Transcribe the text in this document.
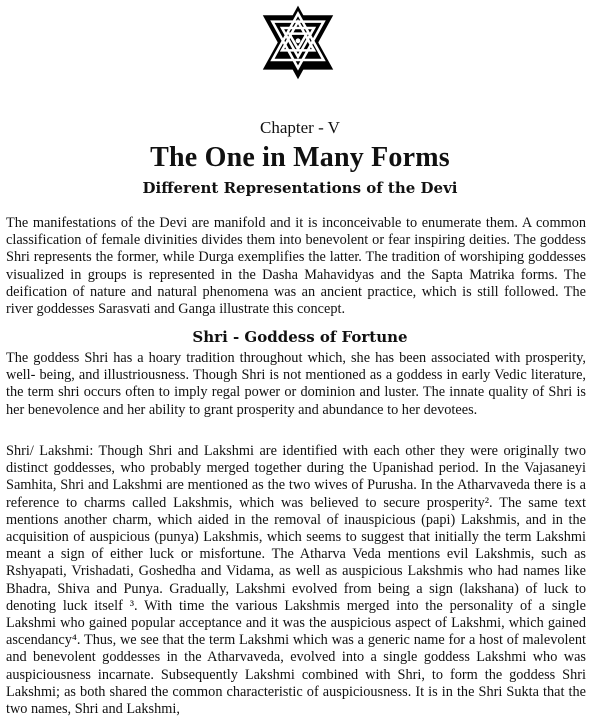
Chapter - V
The One in Many Forms
Different Representations of the Devi

The manifestations of the Devi are manifold and it is inconceivable to enumerate them. A common classification of female divinities divides them into benevolent or fear inspiring deities. The goddess Shri represents the former, while Durga exemplifies the latter. The tradition of worshiping goddesses visualized in groups is represented in the Dasha Mahavidyas and the Sapta Matrika forms. The deification of nature and natural phenomena was an ancient practice, which is still followed. The river goddesses Sarasvati and Ganga illustrate this concept.

Shri - Goddess of Fortune

The goddess Shri has a hoary tradition throughout which, she has been associated with prosperity, well- being, and illustriousness. Though Shri is not mentioned as a goddess in early Vedic literature, the term shri occurs often to imply regal power or dominion and luster. The innate quality of Shri is her benevolence and her ability to grant prosperity and abundance to her devotees.

Shri/ Lakshmi: Though Shri and Lakshmi are identified with each other they were originally two distinct goddesses, who probably merged together during the Upanishad period. In the Vajasaneyi Samhita, Shri and Lakshmi are mentioned as the two wives of Purusha. In the Atharvaveda there is a reference to charms called Lakshmis, which was believed to secure prosperity². The same text mentions another charm, which aided in the removal of inauspicious (papi) Lakshmis, and in the acquisition of auspicious (punya) Lakshmis, which seems to suggest that initially the term Lakshmi meant a sign of either luck or misfortune. The Atharva Veda mentions evil Lakshmis, such as Rshyapati, Vrishadati, Goshedha and Vidama, as well as auspicious Lakshmis who had names like Bhadra, Shiva and Punya. Gradually, Lakshmi evolved from being a sign (lakshana) of luck to denoting luck itself ³. With time the various Lakshmis merged into the personality of a single Lakshmi who gained popular acceptance and it was the auspicious aspect of Lakshmi, which gained ascendancy⁴. Thus, we see that the term Lakshmi which was a generic name for a host of malevolent and benevolent goddesses in the Atharvaveda, evolved into a single goddess Lakshmi who was auspiciousness incarnate. Subsequently Lakshmi combined with Shri, to form the goddess Shri Lakshmi; as both shared the common characteristic of auspiciousness. It is in the Shri Sukta that the two names, Shri and Lakshmi,
